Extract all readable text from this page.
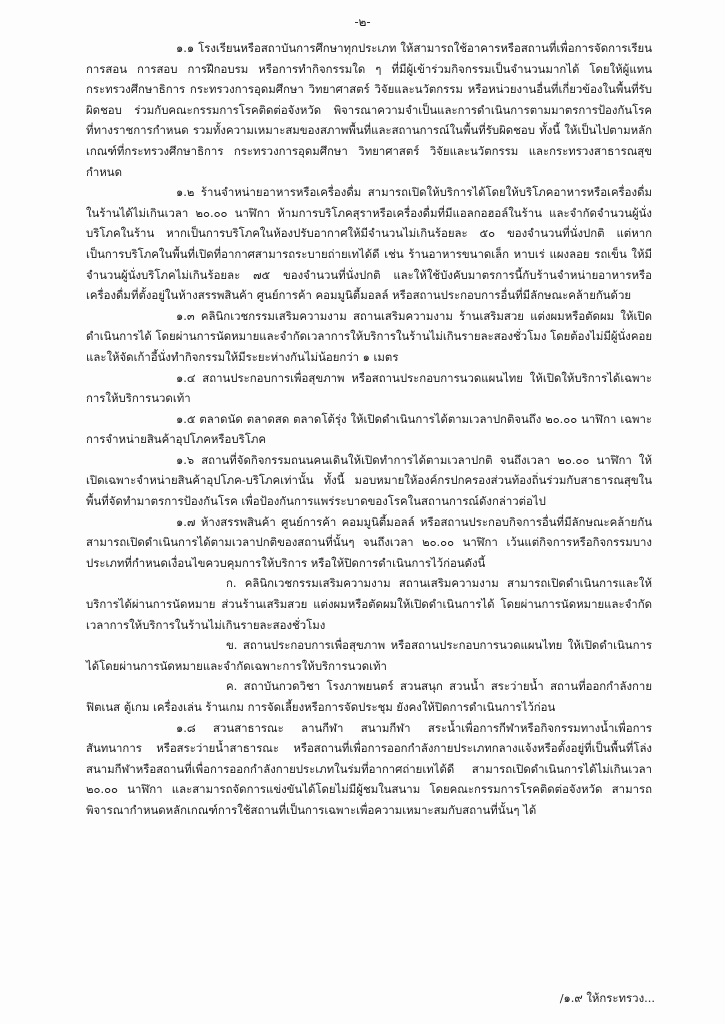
-๒-

๑.๑ โรงเรียนหรือสถาบันการศึกษาทุกประเภท ให้สามารถใช้อาคารหรือสถานที่เพื่อการจัดการเรียนการสอน การสอบ การฝึกอบรม หรือการทำกิจกรรมใด ๆ ที่มีผู้เข้าร่วมกิจกรรมเป็นจำนวนมากได้ โดยให้ผู้แทนกระทรวงศึกษาธิการ กระทรวงการอุดมศึกษา วิทยาศาสตร์ วิจัยและนวัตกรรม หรือหน่วยงานอื่นที่เกี่ยวข้องในพื้นที่รับผิดชอบ ร่วมกับคณะกรรมการโรคติดต่อจังหวัด พิจารณาความจำเป็นและการดำเนินการตามมาตรการป้องกันโรคที่ทางราชการกำหนด รวมทั้งความเหมาะสมของสภาพพื้นที่และสถานการณ์ในพื้นที่รับผิดชอบ ทั้งนี้ ให้เป็นไปตามหลักเกณฑ์ที่กระทรวงศึกษาธิการ กระทรวงการอุดมศึกษา วิทยาศาสตร์ วิจัยและนวัตกรรม และกระทรวงสาธารณสุขกำหนด

๑.๒ ร้านจำหน่ายอาหารหรือเครื่องดื่ม สามารถเปิดให้บริการได้โดยให้บริโภคอาหารหรือเครื่องดื่มในร้านได้ไม่เกินเวลา ๒๐.๐๐ นาฬิกา ห้ามการบริโภคสุราหรือเครื่องดื่มที่มีแอลกอฮอล์ในร้าน และจำกัดจำนวนผู้นั่งบริโภคในร้าน หากเป็นการบริโภคในห้องปรับอากาศให้มีจำนวนไม่เกินร้อยละ ๕๐ ของจำนวนที่นั่งปกติ แต่หากเป็นการบริโภคในพื้นที่เปิดที่อากาศสามารถระบายถ่ายเทได้ดี เช่น ร้านอาหารขนาดเล็ก หาบเร่ แผงลอย รถเข็น ให้มีจำนวนผู้นั่งบริโภคไม่เกินร้อยละ ๗๕ ของจำนวนที่นั่งปกติ และให้ใช้บังคับมาตรการนี้กับร้านจำหน่ายอาหารหรือเครื่องดื่มที่ตั้งอยู่ในห้างสรรพสินค้า ศูนย์การค้า คอมมูนิตี้มอลล์ หรือสถานประกอบการอื่นที่มีลักษณะคล้ายกันด้วย

๑.๓ คลินิกเวชกรรมเสริมความงาม สถานเสริมความงาม ร้านเสริมสวย แต่งผมหรือตัดผม ให้เปิดดำเนินการได้ โดยผ่านการนัดหมายและจำกัดเวลาการให้บริการในร้านไม่เกินรายละสองชั่วโมง โดยต้องไม่มีผู้นั่งคอย และให้จัดเก้าอี้นั่งทำกิจกรรมให้มีระยะห่างกันไม่น้อยกว่า ๑ เมตร

๑.๔ สถานประกอบการเพื่อสุขภาพ หรือสถานประกอบการนวดแผนไทย ให้เปิดให้บริการได้เฉพาะการให้บริการนวดเท้า

๑.๕ ตลาดนัด ตลาดสด ตลาดโต้รุ่ง ให้เปิดดำเนินการได้ตามเวลาปกติจนถึง ๒๐.๐๐ นาฬิกา เฉพาะการจำหน่ายสินค้าอุปโภคหรือบริโภค

๑.๖ สถานที่จัดกิจกรรมถนนคนเดินให้เปิดทำการได้ตามเวลาปกติ จนถึงเวลา ๒๐.๐๐ นาฬิกา ให้เปิดเฉพาะจำหน่ายสินค้าอุปโภค-บริโภคเท่านั้น ทั้งนี้ มอบหมายให้องค์กรปกครองส่วนท้องถิ่นร่วมกับสาธารณสุขในพื้นที่จัดทำมาตรการป้องกันโรค เพื่อป้องกันการแพร่ระบาดของโรคในสถานการณ์ดังกล่าวต่อไป

๑.๗ ห้างสรรพสินค้า ศูนย์การค้า คอมมูนิตี้มอลล์ หรือสถานประกอบกิจการอื่นที่มีลักษณะคล้ายกันสามารถเปิดดำเนินการได้ตามเวลาปกติของสถานที่นั้นๆ จนถึงเวลา ๒๐.๐๐ นาฬิกา เว้นแต่กิจการหรือกิจกรรมบางประเภทที่กำหนดเงื่อนไขควบคุมการให้บริการ หรือให้ปิดการดำเนินการไว้ก่อนดังนี้

ก. คลินิกเวชกรรมเสริมความงาม สถานเสริมความงาม สามารถเปิดดำเนินการและให้บริการได้ผ่านการนัดหมาย ส่วนร้านเสริมสวย แต่งผมหรือตัดผมให้เปิดดำเนินการได้ โดยผ่านการนัดหมายและจำกัดเวลาการให้บริการในร้านไม่เกินรายละสองชั่วโมง

ข. สถานประกอบการเพื่อสุขภาพ หรือสถานประกอบการนวดแผนไทย ให้เปิดดำเนินการได้โดยผ่านการนัดหมายและจำกัดเฉพาะการให้บริการนวดเท้า

ค. สถาบันกวดวิชา โรงภาพยนตร์ สวนสนุก สวนน้ำ สระว่ายน้ำ สถานที่ออกกำลังกายฟิตเนส ตู้เกม เครื่องเล่น ร้านเกม การจัดเลี้ยงหรือการจัดประชุม ยังคงให้ปิดการดำเนินการไว้ก่อน

๑.๘ สวนสาธารณะ ลานกีฬา สนามกีฬา สระน้ำเพื่อการกีฬาหรือกิจกรรมทางน้ำเพื่อการสันทนาการ หรือสระว่ายน้ำสาธารณะ หรือสถานที่เพื่อการออกกำลังกายประเภทกลางแจ้งหรือตั้งอยู่ที่เป็นพื้นที่โล่ง สนามกีฬาหรือสถานที่เพื่อการออกกำลังกายประเภทในร่มที่อากาศถ่ายเทได้ดี สามารถเปิดดำเนินการได้ไม่เกินเวลา ๒๐.๐๐ นาฬิกา และสามารถจัดการแข่งขันได้โดยไม่มีผู้ชมในสนาม โดยคณะกรรมการโรคติดต่อจังหวัด สามารถพิจารณากำหนดหลักเกณฑ์การใช้สถานที่เป็นการเฉพาะเพื่อความเหมาะสมกับสถานที่นั้นๆ ได้

/๑.๙ ให้กระทรวง...
